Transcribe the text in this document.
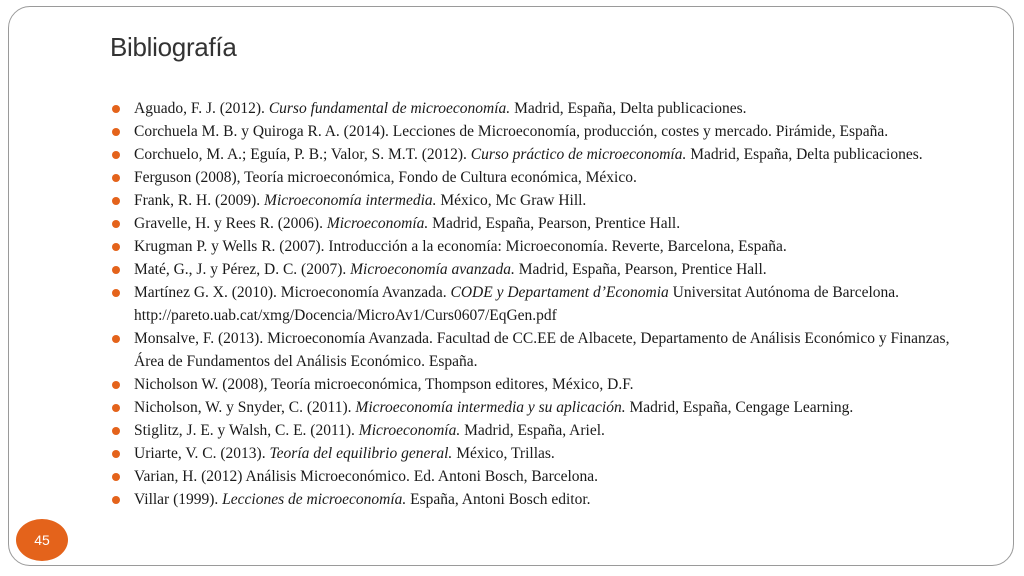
Bibliografía
Aguado, F. J. (2012). Curso fundamental de microeconomía. Madrid, España, Delta publicaciones.
Corchuela M. B. y Quiroga R. A. (2014). Lecciones de Microeconomía, producción, costes y mercado. Pirámide, España.
Corchuelo, M. A.; Eguía, P. B.; Valor, S. M.T. (2012). Curso práctico de microeconomía. Madrid, España, Delta publicaciones.
Ferguson (2008), Teoría microeconómica, Fondo de Cultura económica, México.
Frank, R. H. (2009). Microeconomía intermedia. México, Mc Graw Hill.
Gravelle, H. y Rees R. (2006). Microeconomía. Madrid, España, Pearson, Prentice Hall.
Krugman P. y Wells R. (2007). Introducción a la economía: Microeconomía. Reverte, Barcelona, España.
Maté, G., J. y Pérez, D. C. (2007). Microeconomía avanzada. Madrid, España, Pearson, Prentice Hall.
Martínez G. X. (2010). Microeconomía Avanzada. CODE y Departament d’Economia Universitat Autónoma de Barcelona. http://pareto.uab.cat/xmg/Docencia/MicroAv1/Curs0607/EqGen.pdf
Monsalve, F. (2013). Microeconomía Avanzada. Facultad de CC.EE de Albacete, Departamento de Análisis Económico y Finanzas, Área de Fundamentos del Análisis Económico. España.
Nicholson W. (2008), Teoría microeconómica, Thompson editores, México, D.F.
Nicholson, W. y Snyder, C. (2011). Microeconomía intermedia y su aplicación. Madrid, España, Cengage Learning.
Stiglitz, J. E. y Walsh, C. E. (2011). Microeconomía. Madrid, España, Ariel.
Uriarte, V. C. (2013). Teoría del equilibrio general. México, Trillas.
Varian, H. (2012) Análisis Microeconómico. Ed. Antoni Bosch, Barcelona.
Villar (1999). Lecciones de microeconomía. España, Antoni Bosch editor.
45
